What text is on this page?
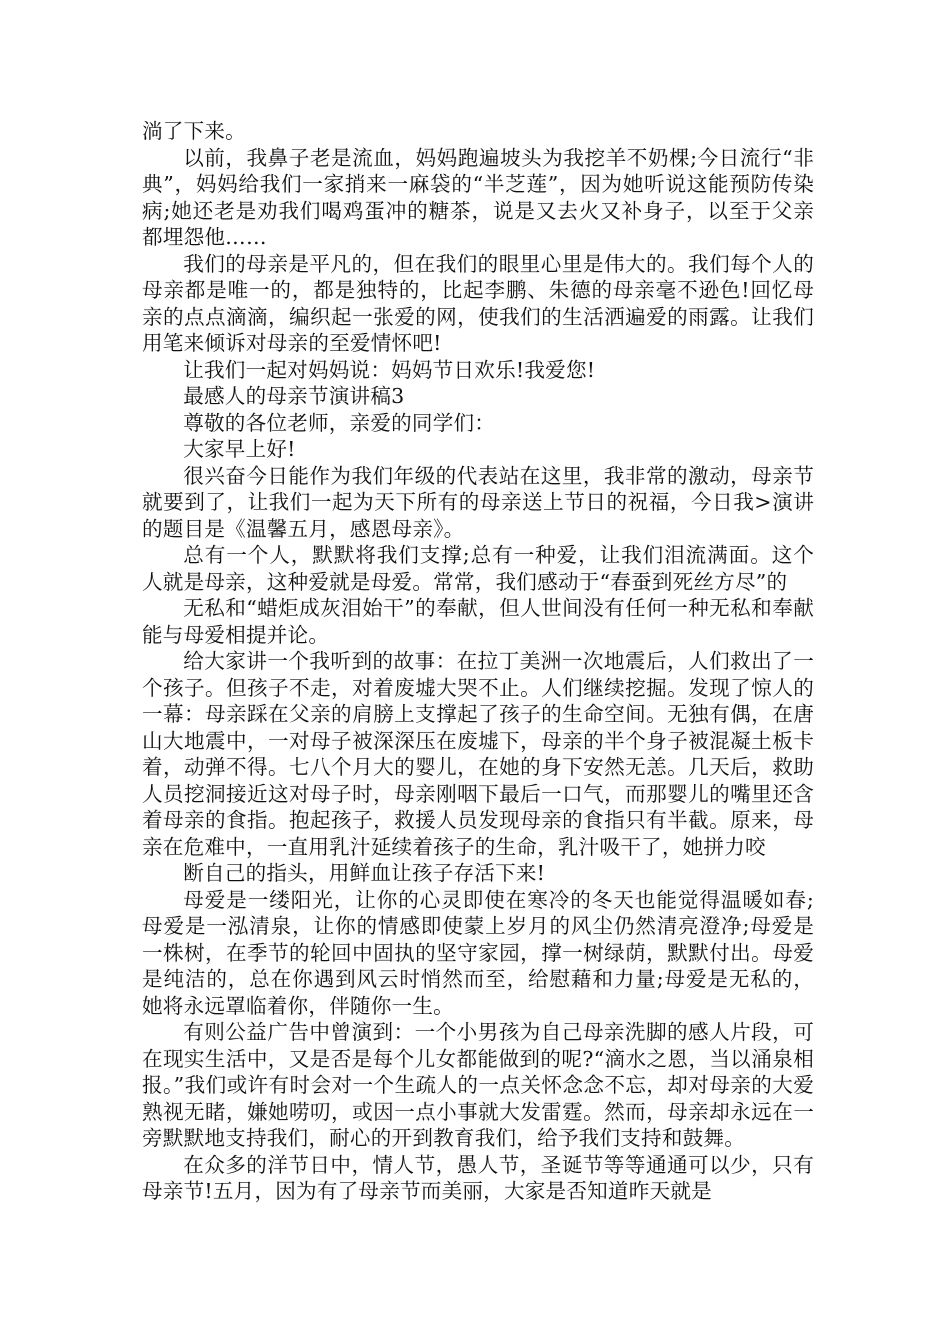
淌了下来。

以前，我鼻子老是流血，妈妈跑遍坡头为我挖羊不奶棵;今日流行“非典”，妈妈给我们一家捎来一麻袋的“半芝莲”，因为她听说这能预防传染病;她还老是劝我们喝鸡蛋冲的糖茶，说是又去火又补身子，以至于父亲都埋怨他……

我们的母亲是平凡的，但在我们的眼里心里是伟大的。我们每个人的母亲都是唯一的，都是独特的，比起李鹏、朱德的母亲毫不逊色!回忆母亲的点点滴滴，编织起一张爱的网，使我们的生活洒遍爱的雨露。让我们用笔来倾诉对母亲的至爱情怀吧!

让我们一起对妈妈说：妈妈节日欢乐!我爱您!

最感人的母亲节演讲稿3

尊敬的各位老师，亲爱的同学们：

大家早上好!

很兴奋今日能作为我们年级的代表站在这里，我非常的激动，母亲节就要到了，让我们一起为天下所有的母亲送上节日的祝福，今日我>演讲的题目是《温馨五月，感恩母亲》。

总有一个人，默默将我们支撑;总有一种爱，让我们泪流满面。这个人就是母亲，这种爱就是母爱。常常，我们感动于“春蚕到死丝方尽”的

无私和“蜡炬成灰泪始干”的奉献，但人世间没有任何一种无私和奉献能与母爱相提并论。

给大家讲一个我听到的故事：在拉丁美洲一次地震后，人们救出了一个孩子。但孩子不走，对着废墟大哭不止。人们继续挖掘。发现了惊人的一幕：母亲踩在父亲的肩膀上支撑起了孩子的生命空间。无独有偶，在唐山大地震中，一对母子被深深压在废墟下，母亲的半个身子被混凝土板卡着，动弹不得。七八个月大的婴儿，在她的身下安然无恙。几天后，救助人员挖洞接近这对母子时，母亲刚咽下最后一口气，而那婴儿的嘴里还含着母亲的食指。抱起孩子，救援人员发现母亲的食指只有半截。原来，母亲在危难中，一直用乳汁延续着孩子的生命，乳汁吸干了，她拼力咬

断自己的指头，用鲜血让孩子存活下来!

母爱是一缕阳光，让你的心灵即使在寒冷的冬天也能觉得温暖如春;母爱是一泓清泉，让你的情感即使蒙上岁月的风尘仍然清亮澄净;母爱是一株树，在季节的轮回中固执的坚守家园，撑一树绿荫，默默付出。母爱是纯洁的，总在你遇到风云时悄然而至，给慰藉和力量;母爱是无私的，她将永远罩临着你，伴随你一生。

有则公益广告中曾演到：一个小男孩为自己母亲洗脚的感人片段，可在现实生活中，又是否是每个儿女都能做到的呢?“滴水之恩，当以涌泉相报。”我们或许有时会对一个生疏人的一点关怀念念不忘，却对母亲的大爱熟视无睹，嫌她唠叨，或因一点小事就大发雷霆。然而，母亲却永远在一旁默默地支持我们，耐心的开到教育我们，给予我们支持和鼓舞。

在众多的洋节日中，情人节，愚人节，圣诞节等等通通可以少，只有母亲节!五月，因为有了母亲节而美丽，大家是否知道昨天就是
